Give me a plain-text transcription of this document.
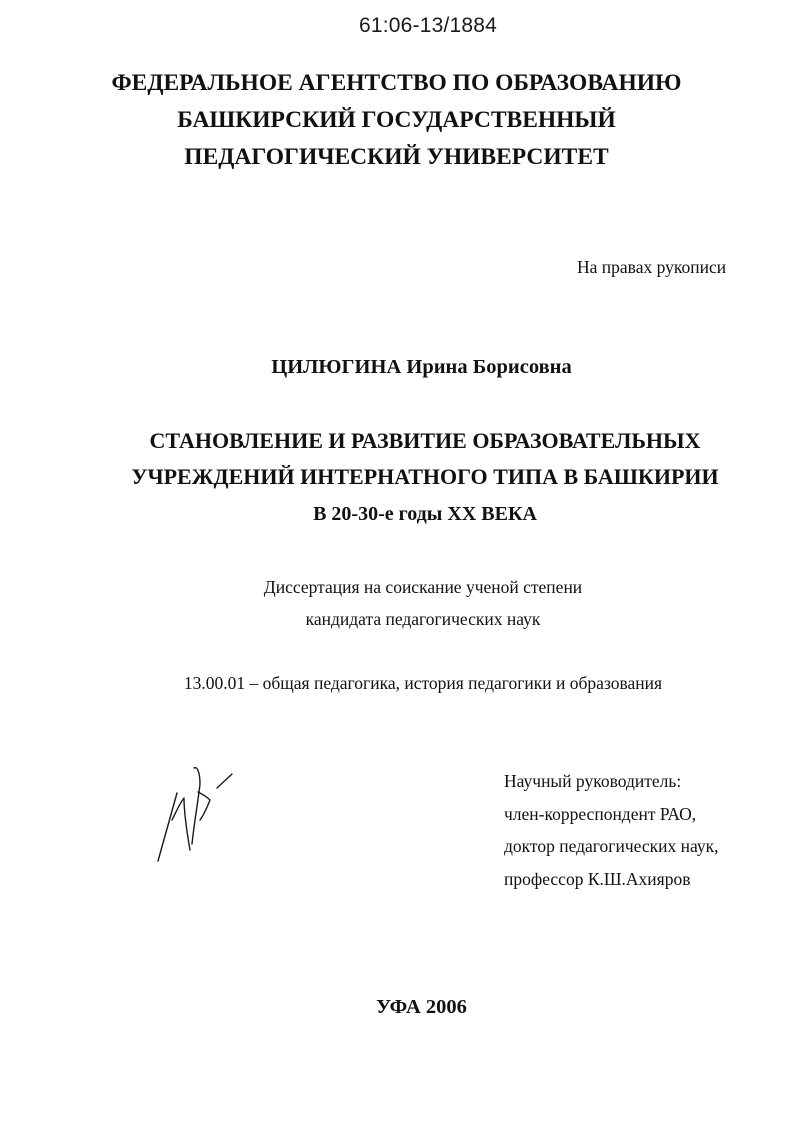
61:06-13/1884
ФЕДЕРАЛЬНОЕ АГЕНТСТВО ПО ОБРАЗОВАНИЮ
БАШКИРСКИЙ ГОСУДАРСТВЕННЫЙ
ПЕДАГОГИЧЕСКИЙ УНИВЕРСИТЕТ
На правах рукописи
ЦИЛЮГИНА Ирина Борисовна
СТАНОВЛЕНИЕ И РАЗВИТИЕ ОБРАЗОВАТЕЛЬНЫХ
УЧРЕЖДЕНИЙ ИНТЕРНАТНОГО ТИПА В БАШКИРИИ
В 20-30-е годы XX ВЕКА
Диссертация на соискание ученой степени
кандидата педагогических наук
13.00.01 – общая педагогика, история педагогики и образования
Научный руководитель:
член-корреспондент РАО,
доктор педагогических наук,
профессор К.Ш.Ахияров
УФА 2006
